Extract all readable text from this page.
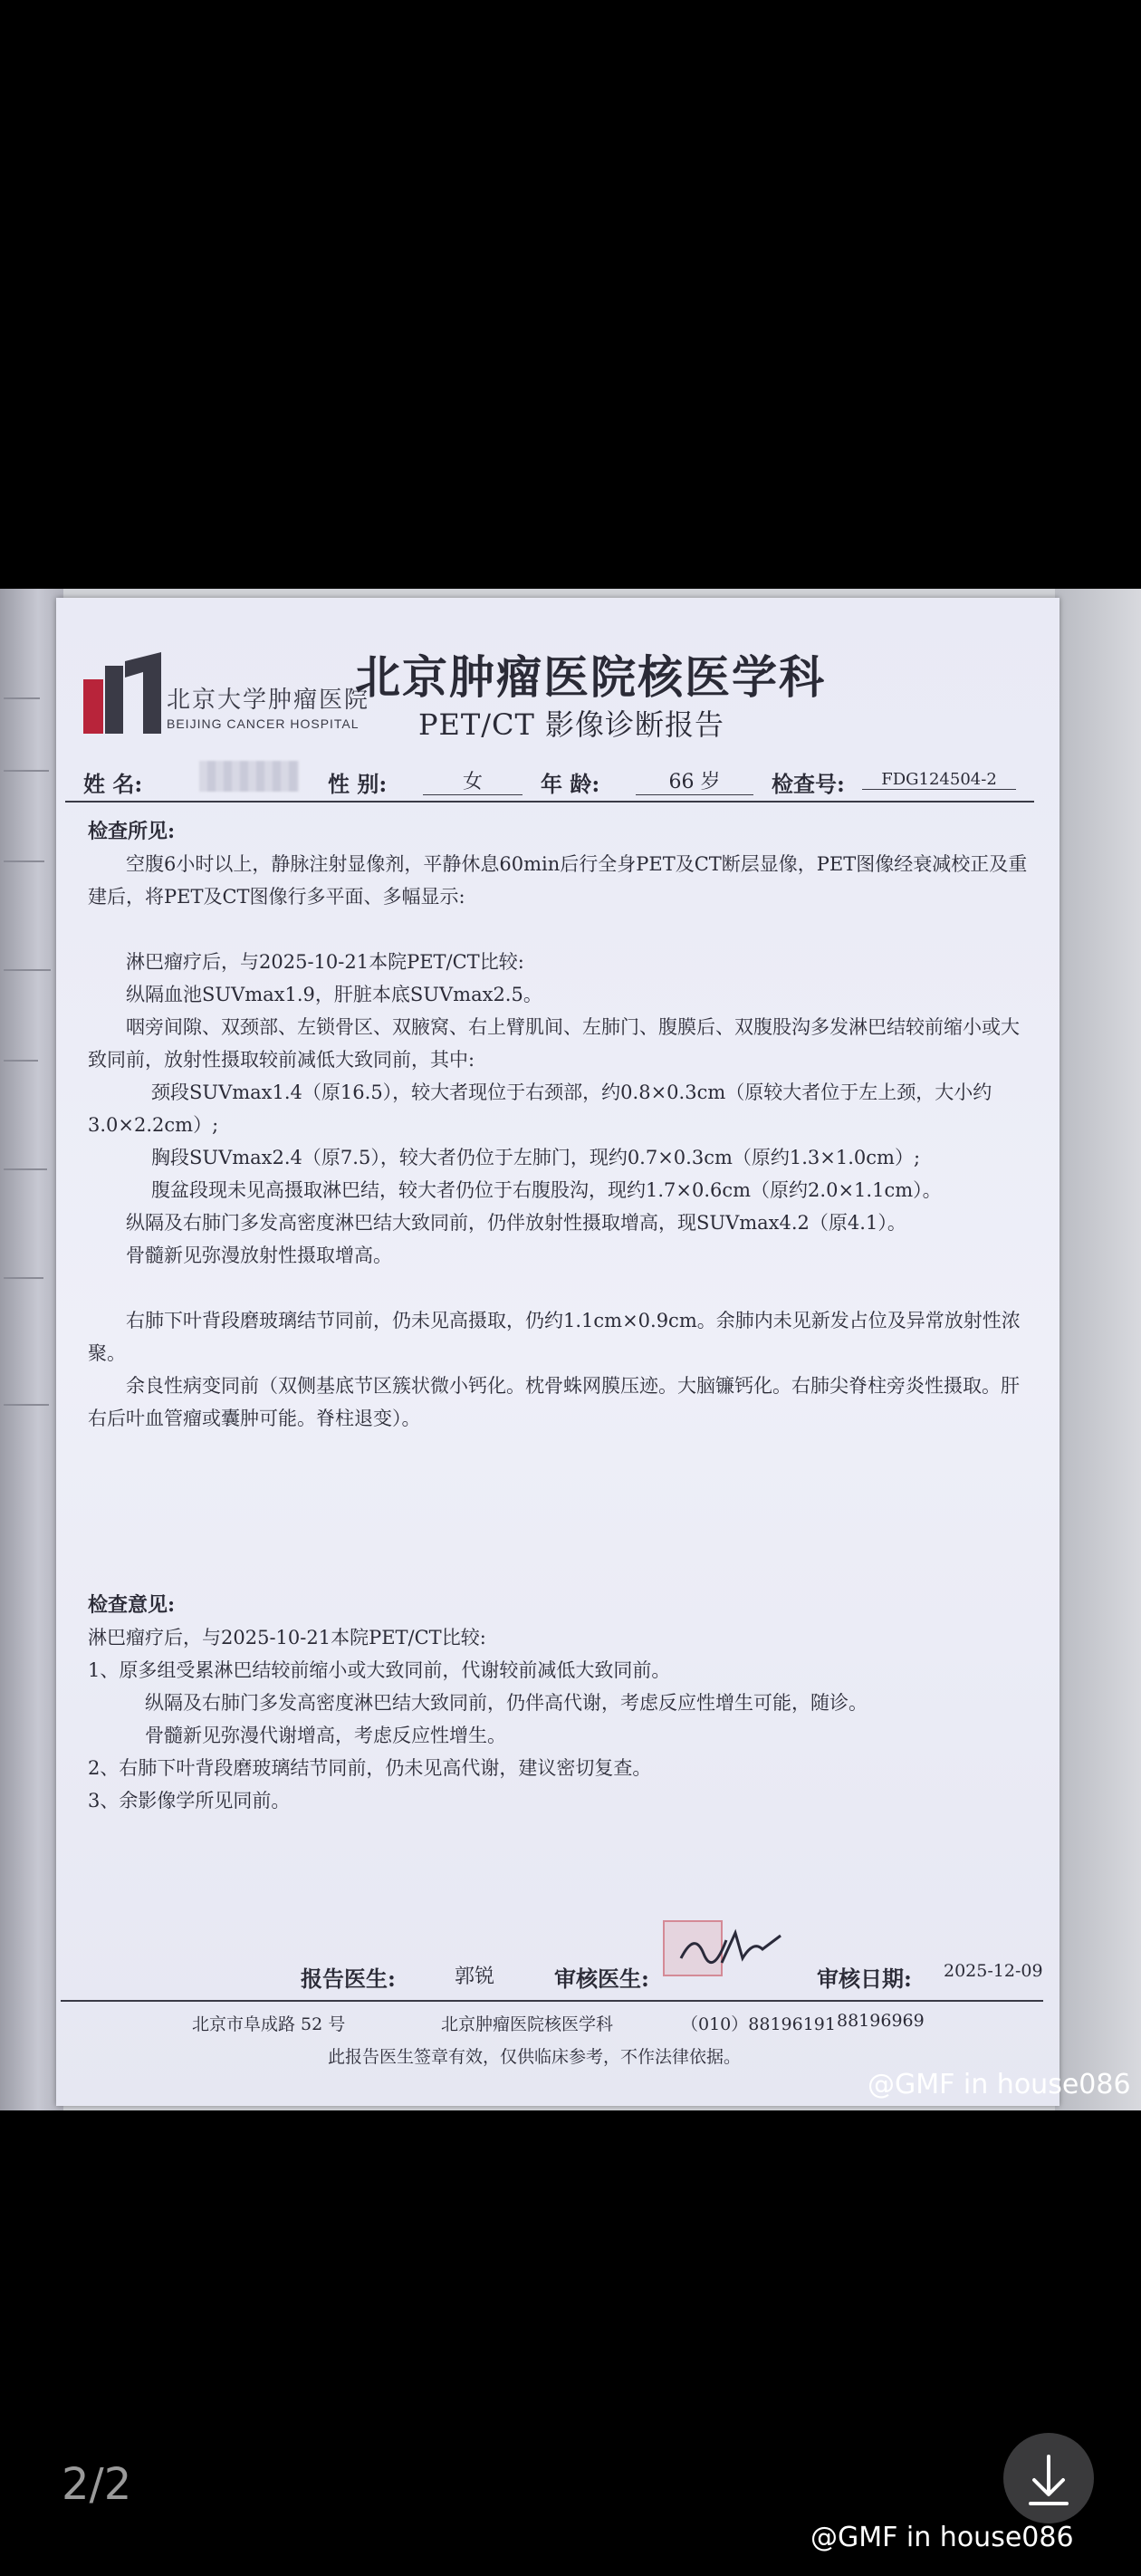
北京大学肿瘤医院
BEIJING CANCER HOSPITAL
北京肿瘤医院核医学科
PET/CT 影像诊断报告
姓 名:	性 别:	女	年 龄:	66 岁	检查号:	FDG124504-2

检查所见:

空腹6小时以上，静脉注射显像剂，平静休息60min后行全身PET及CT断层显像，PET图像经衰减校正及重建后，将PET及CT图像行多平面、多幅显示:

淋巴瘤疗后，与2025-10-21本院PET/CT比较:

纵隔血池SUVmax1.9，肝脏本底SUVmax2.5。

咽旁间隙、双颈部、左锁骨区、双腋窝、右上臂肌间、左肺门、腹膜后、双腹股沟多发淋巴结较前缩小或大致同前，放射性摄取较前减低大致同前，其中:

颈段SUVmax1.4（原16.5），较大者现位于右颈部，约0.8×0.3cm（原较大者位于左上颈，大小约3.0×2.2cm）;

胸段SUVmax2.4（原7.5），较大者仍位于左肺门，现约0.7×0.3cm（原约1.3×1.0cm）;

腹盆段现未见高摄取淋巴结，较大者仍位于右腹股沟，现约1.7×0.6cm（原约2.0×1.1cm）。

纵隔及右肺门多发高密度淋巴结大致同前，仍伴放射性摄取增高，现SUVmax4.2（原4.1）。

骨髓新见弥漫放射性摄取增高。

右肺下叶背段磨玻璃结节同前，仍未见高摄取，仍约1.1cm×0.9cm。余肺内未见新发占位及异常放射性浓聚。

余良性病变同前（双侧基底节区簇状微小钙化。枕骨蛛网膜压迹。大脑镰钙化。右肺尖脊柱旁炎性摄取。肝右后叶血管瘤或囊肿可能。脊柱退变）。

检查意见:

淋巴瘤疗后，与2025-10-21本院PET/CT比较:

1、原多组受累淋巴结较前缩小或大致同前，代谢较前减低大致同前。

纵隔及右肺门多发高密度淋巴结大致同前，仍伴高代谢，考虑反应性增生可能，随诊。

骨髓新见弥漫代谢增高，考虑反应性增生。

2、右肺下叶背段磨玻璃结节同前，仍未见高代谢，建议密切复查。

3、余影像学所见同前。

报告医生:	郭锐	审核医生:	审核日期: 2025-12-09
北京市阜成路 52 号	北京肿瘤医院核医学科	（010）88196191 88196969
此报告医生签章有效，仅供临床参考，不作法律依据。
@GMF in house086
2/2
@GMF in house086
